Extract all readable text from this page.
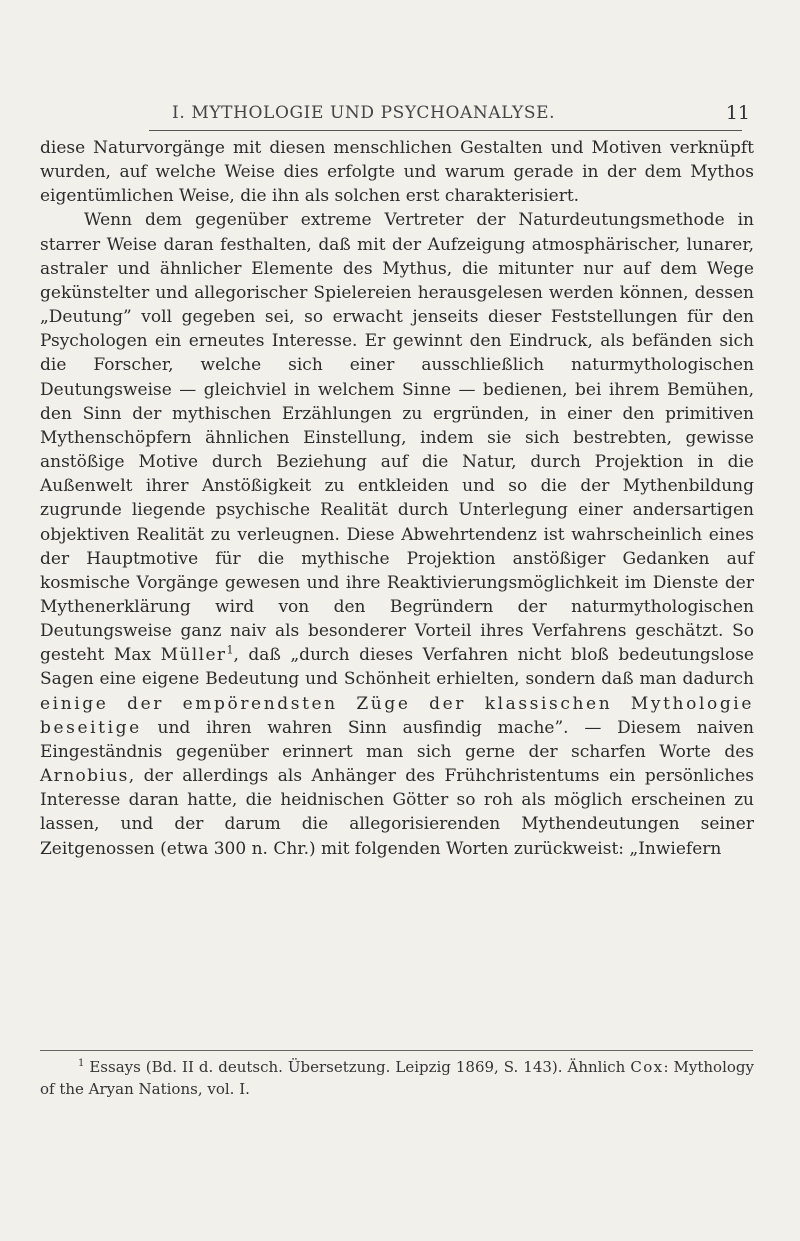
I. MYTHOLOGIE UND PSYCHOANALYSE.	11

diese Naturvorgänge mit diesen menschlichen Gestalten und Motiven verknüpft wurden, auf welche Weise dies erfolgte und warum gerade in der dem Mythos eigentümlichen Weise, die ihn als solchen erst charakterisiert.

Wenn dem gegenüber extreme Vertreter der Naturdeutungsmethode in starrer Weise daran festhalten, daß mit der Aufzeigung atmosphärischer, lunarer, astraler und ähnlicher Elemente des Mythus, die mitunter nur auf dem Wege gekünstelter und allegorischer Spielereien herausgelesen werden können, dessen „Deutung” voll gegeben sei, so erwacht jenseits dieser Feststellungen für den Psychologen ein erneutes Interesse. Er gewinnt den Eindruck, als befänden sich die Forscher, welche sich einer ausschließlich naturmythologischen Deutungsweise — gleichviel in welchem Sinne — bedienen, bei ihrem Bemühen, den Sinn der mythischen Erzählungen zu ergründen, in einer den primitiven Mythenschöpfern ähnlichen Einstellung, indem sie sich bestrebten, gewisse anstößige Motive durch Beziehung auf die Natur, durch Projektion in die Außenwelt ihrer Anstößigkeit zu entkleiden und so die der Mythenbildung zugrunde liegende psychische Realität durch Unterlegung einer andersartigen objektiven Realität zu verleugnen. Diese Abwehrtendenz ist wahrscheinlich eines der Hauptmotive für die mythische Projektion anstößiger Gedanken auf kosmische Vorgänge gewesen und ihre Reaktivierungsmöglichkeit im Dienste der Mythenerklärung wird von den Begründern der naturmythologischen Deutungsweise ganz naiv als besonderer Vorteil ihres Verfahrens geschätzt. So gesteht Max Müller$^1$, daß „durch dieses Verfahren nicht bloß bedeutungslose Sagen eine eigene Bedeutung und Schönheit erhielten, sondern daß man dadurch einige der empörendsten Züge der klassischen Mythologie beseitige und ihren wahren Sinn ausfindig mache”. — Diesem naiven Eingeständnis gegenüber erinnert man sich gerne der scharfen Worte des Arnobius, der allerdings als Anhänger des Frühchristentums ein persönliches Interesse daran hatte, die heidnischen Götter so roh als möglich erscheinen zu lassen, und der darum die allegorisierenden Mythendeutungen seiner Zeitgenossen (etwa 300 n. Chr.) mit folgenden Worten zurückweist: „Inwiefern

$^1$ Essays (Bd. II d. deutsch. Übersetzung. Leipzig 1869, S. 143). Ähnlich Cox: Mythology of the Aryan Nations, vol. I.
